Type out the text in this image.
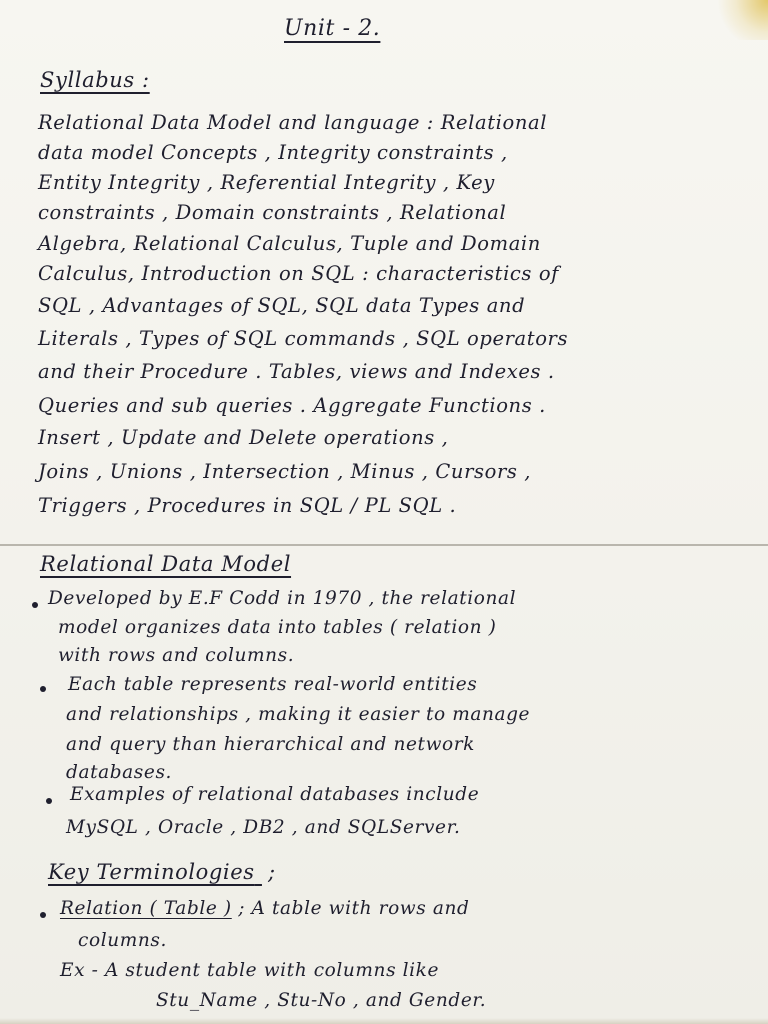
Unit - 2.
Syllabus :
Relational Data Model and language : Relational
data model Concepts , Integrity constraints ,
Entity Integrity , Referential Integrity , Key
constraints , Domain constraints , Relational
Algebra, Relational Calculus, Tuple and Domain
Calculus, Introduction on SQL : characteristics of
SQL , Advantages of SQL, SQL data Types and
Literals , Types of SQL commands , SQL operators
and their Procedure . Tables, views and Indexes .
Queries and sub queries . Aggregate Functions .
Insert , Update and Delete operations ,
Joins , Unions , Intersection , Minus , Cursors ,
Triggers , Procedures in SQL / PL SQL .
Relational Data Model
Developed by E.F Codd in 1970 , the relational
model organizes data into tables ( relation )
with rows and columns.
Each table represents real-world entities
and relationships , making it easier to manage
and query than hierarchical and network
databases.
Examples of relational databases include
MySQL , Oracle , DB2 , and SQLServer.
Key Terminologies ;
Relation ( Table ) ; A table with rows and
columns.
Ex - A student table with columns like
Stu_Name , Stu-No , and Gender.
